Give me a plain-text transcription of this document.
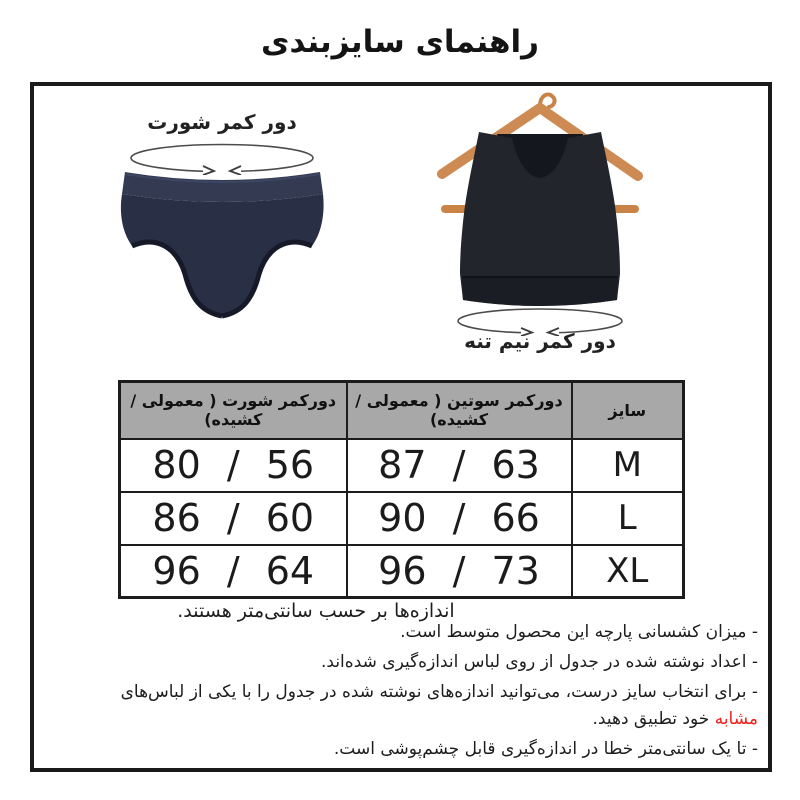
راهنمای سایزبندی
دور کمر شورت
دور کمر نیم تنه
سایز	دورکمر سوتین ( معمولی / کشیده)	دورکمر شورت ( معمولی / کشیده)
M	87 / 63	80 / 56
L	90 / 66	86 / 60
XL	96 / 73	96 / 64
اندازه‌ها بر حسب سانتی‌متر هستند.
- میزان کشسانی پارچه این محصول متوسط است.
- اعداد نوشته شده در جدول از روی لباس اندازه‌گیری شده‌اند.
- برای انتخاب سایز درست، می‌توانید اندازه‌های نوشته شده در جدول را با یکی از لباس‌های
مشابه خود تطبیق دهید.
- تا یک سانتی‌متر خطا در اندازه‌گیری قابل چشم‌پوشی است.
